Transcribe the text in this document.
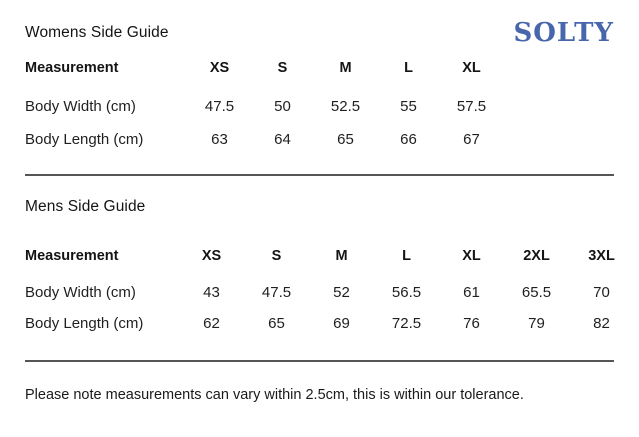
Womens Side Guide	SOLTY
Measurement	XS	S	M	L	XL
Body Width (cm)	47.5	50	52.5	55	57.5
Body Length (cm)	63	64	65	66	67
Mens Side Guide
Measurement	XS	S	M	L	XL	2XL	3XL
Body Width (cm)	43	47.5	52	56.5	61	65.5	70
Body Length (cm)	62	65	69	72.5	76	79	82
Please note measurements can vary within 2.5cm, this is within our tolerance.
